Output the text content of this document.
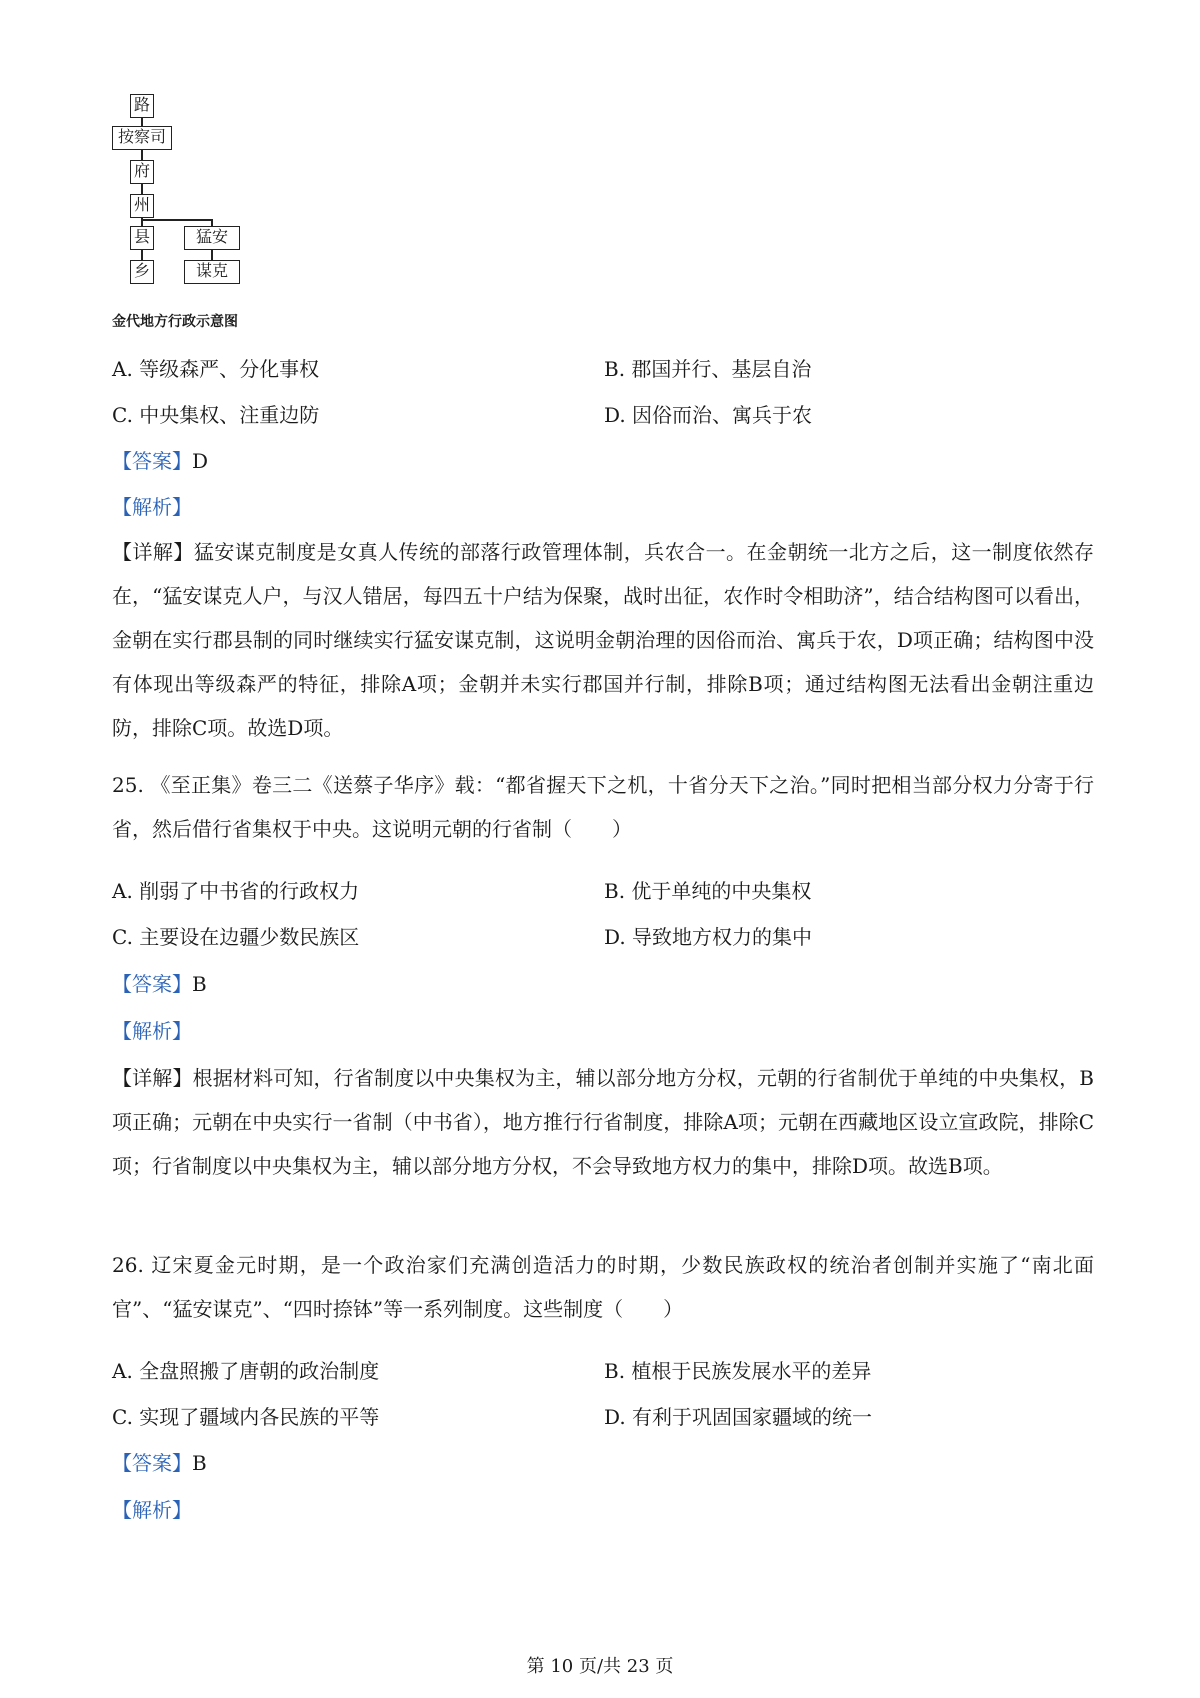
路
按察司
府
州
县
乡
猛安
谋克
金代地方行政示意图
A. 等级森严、分化事权	B. 郡国并行、基层自治
C. 中央集权、注重边防	D. 因俗而治、寓兵于农
【答案】D
【解析】
【详解】猛安谋克制度是女真人传统的部落行政管理体制，兵农合一。在金朝统一北方之后，这一制度依然存在，“猛安谋克人户，与汉人错居，每四五十户结为保聚，战时出征，农作时令相助济”，结合结构图可以看出，金朝在实行郡县制的同时继续实行猛安谋克制，这说明金朝治理的因俗而治、寓兵于农，D项正确；结构图中没有体现出等级森严的特征，排除A项；金朝并未实行郡国并行制，排除B项；通过结构图无法看出金朝注重边防，排除C项。故选D项。
25. 《至正集》卷三二《送蔡子华序》载：“都省握天下之机，十省分天下之治。”同时把相当部分权力分寄于行省，然后借行省集权于中央。这说明元朝的行省制（　　）
A. 削弱了中书省的行政权力	B. 优于单纯的中央集权
C. 主要设在边疆少数民族区	D. 导致地方权力的集中
【答案】B
【解析】
【详解】根据材料可知，行省制度以中央集权为主，辅以部分地方分权，元朝的行省制优于单纯的中央集权，B项正确；元朝在中央实行一省制（中书省），地方推行行省制度，排除A项；元朝在西藏地区设立宣政院，排除C项；行省制度以中央集权为主，辅以部分地方分权，不会导致地方权力的集中，排除D项。故选B项。
26. 辽宋夏金元时期，是一个政治家们充满创造活力的时期，少数民族政权的统治者创制并实施了“南北面官”、“猛安谋克”、“四时捺钵”等一系列制度。这些制度（　　）
A. 全盘照搬了唐朝的政治制度	B. 植根于民族发展水平的差异
C. 实现了疆域内各民族的平等	D. 有利于巩固国家疆域的统一
【答案】B
【解析】
第 10 页/共 23 页
